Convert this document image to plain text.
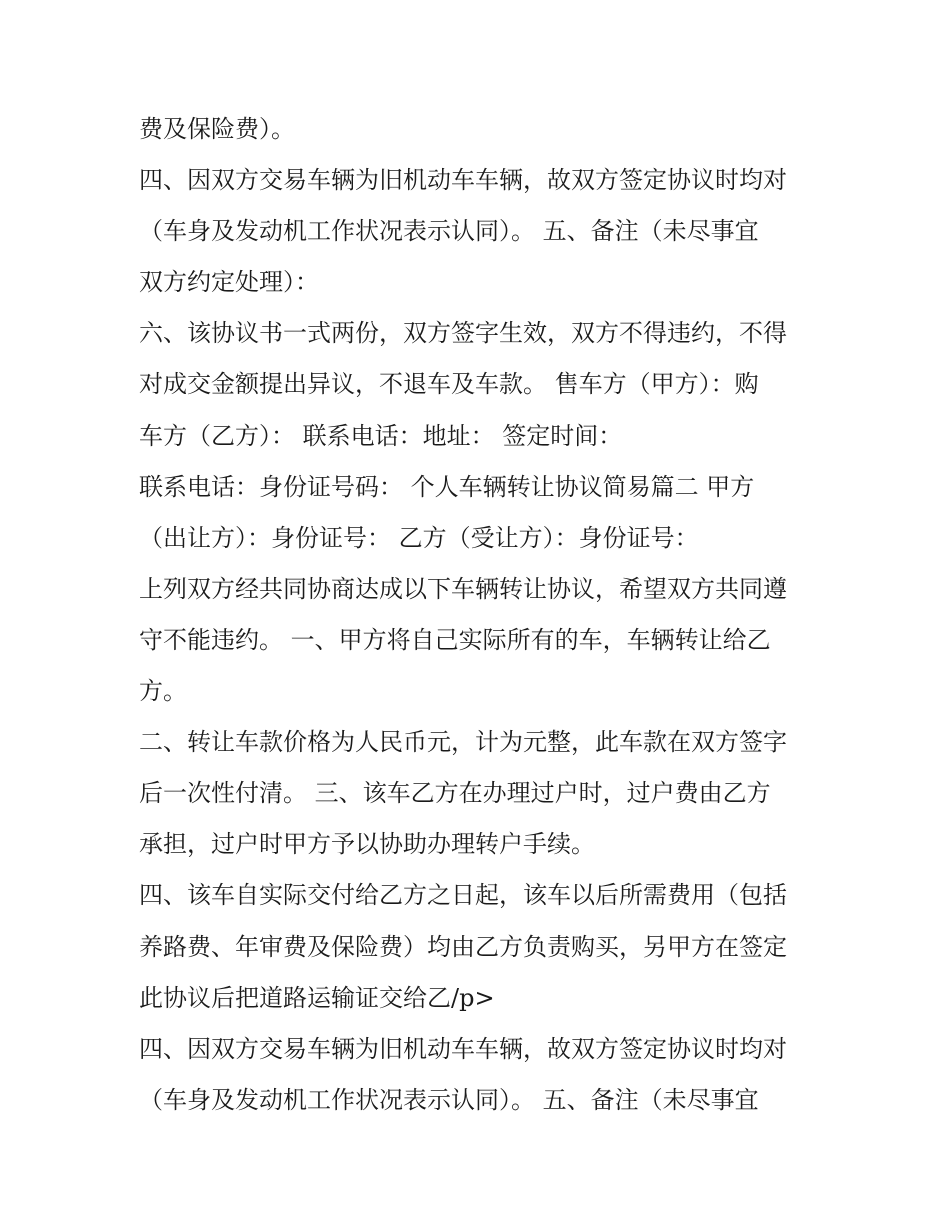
费及保险费）。
四、因双方交易车辆为旧机动车车辆，故双方签定协议时均对
（车身及发动机工作状况表示认同）。 五、备注（未尽事宜
双方约定处理）：
六、该协议书一式两份，双方签字生效，双方不得违约，不得
对成交金额提出异议，不退车及车款。 售车方（甲方）：购
车方（乙方）： 联系电话：地址： 签定时间：
联系电话：身份证号码： 个人车辆转让协议简易篇二 甲方
（出让方）：身份证号： 乙方（受让方）：身份证号：
上列双方经共同协商达成以下车辆转让协议，希望双方共同遵
守不能违约。 一、甲方将自己实际所有的车，车辆转让给乙
方。
二、转让车款价格为人民币元，计为元整，此车款在双方签字
后一次性付清。 三、该车乙方在办理过户时，过户费由乙方
承担，过户时甲方予以协助办理转户手续。
四、该车自实际交付给乙方之日起，该车以后所需费用（包括
养路费、年审费及保险费）均由乙方负责购买，另甲方在签定
此协议后把道路运输证交给乙/p>
四、因双方交易车辆为旧机动车车辆，故双方签定协议时均对
（车身及发动机工作状况表示认同）。 五、备注（未尽事宜
